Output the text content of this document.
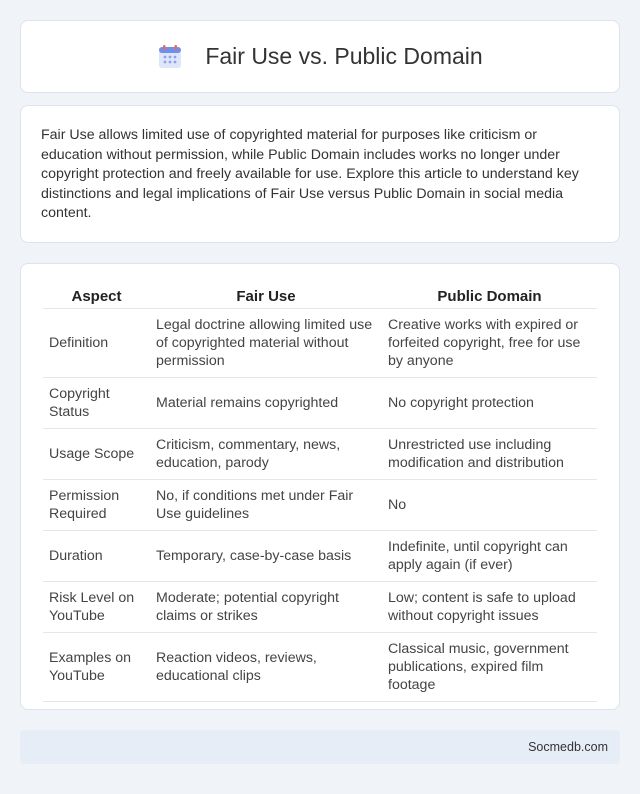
Fair Use vs. Public Domain

Fair Use allows limited use of copyrighted material for purposes like criticism or education without permission, while Public Domain includes works no longer under copyright protection and freely available for use. Explore this article to understand key distinctions and legal implications of Fair Use versus Public Domain in social media content.

Aspect	Fair Use	Public Domain
Definition	Legal doctrine allowing limited use of copyrighted material without permission	Creative works with expired or forfeited copyright, free for use by anyone
Copyright Status	Material remains copyrighted	No copyright protection
Usage Scope	Criticism, commentary, news, education, parody	Unrestricted use including modification and distribution
Permission Required	No, if conditions met under Fair Use guidelines	No
Duration	Temporary, case-by-case basis	Indefinite, until copyright can apply again (if ever)
Risk Level on YouTube	Moderate; potential copyright claims or strikes	Low; content is safe to upload without copyright issues
Examples on YouTube	Reaction videos, reviews, educational clips	Classical music, government publications, expired film footage
Socmedb.com
